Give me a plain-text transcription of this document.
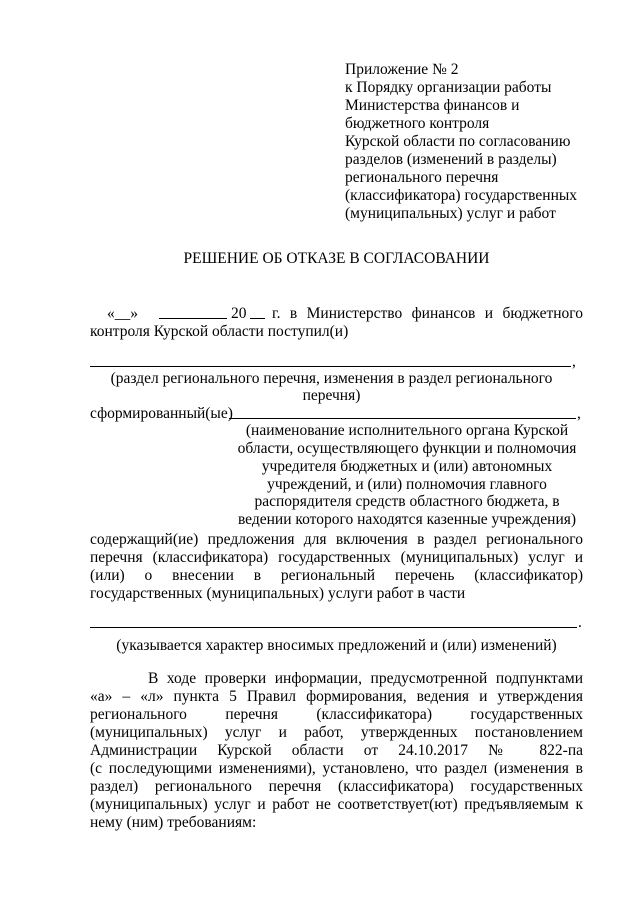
Приложение № 2
к Порядку организации работы
Министерства финансов и
бюджетного контроля
Курской области по согласованию
разделов (изменений в разделы)
регионального перечня
(классификатора) государственных
(муниципальных) услуг и работ
РЕШЕНИЕ ОБ ОТКАЗЕ В СОГЛАСОВАНИИ
«__»	20 г. в Министерство финансов и бюджетного
контроля Курской области поступил(и)
,
(раздел регионального перечня, изменения в раздел регионального
перечня)
сформированный(ые)	,
(наименование исполнительного органа Курской
области, осуществляющего функции и полномочия
учредителя бюджетных и (или) автономных
учреждений, и (или) полномочия главного
распорядителя средств областного бюджета, в
ведении которого находятся казенные учреждения)
содержащий(ие) предложения для включения в раздел регионального
перечня (классификатора) государственных (муниципальных) услуг и
(или) о внесении в региональный перечень (классификатор)
государственных (муниципальных) услуги работ в части
.
(указывается характер вносимых предложений и (или) изменений)
В ходе проверки информации, предусмотренной подпунктами
«а» – «л» пункта 5 Правил формирования, ведения и утверждения
регионального перечня (классификатора) государственных
(муниципальных) услуг и работ, утвержденных постановлением
Администрации Курской области от 24.10.2017 № 822-па
(с последующими изменениями), установлено, что раздел (изменения в
раздел) регионального перечня (классификатора) государственных
(муниципальных) услуг и работ не соответствует(ют) предъявляемым к
нему (ним) требованиям:
